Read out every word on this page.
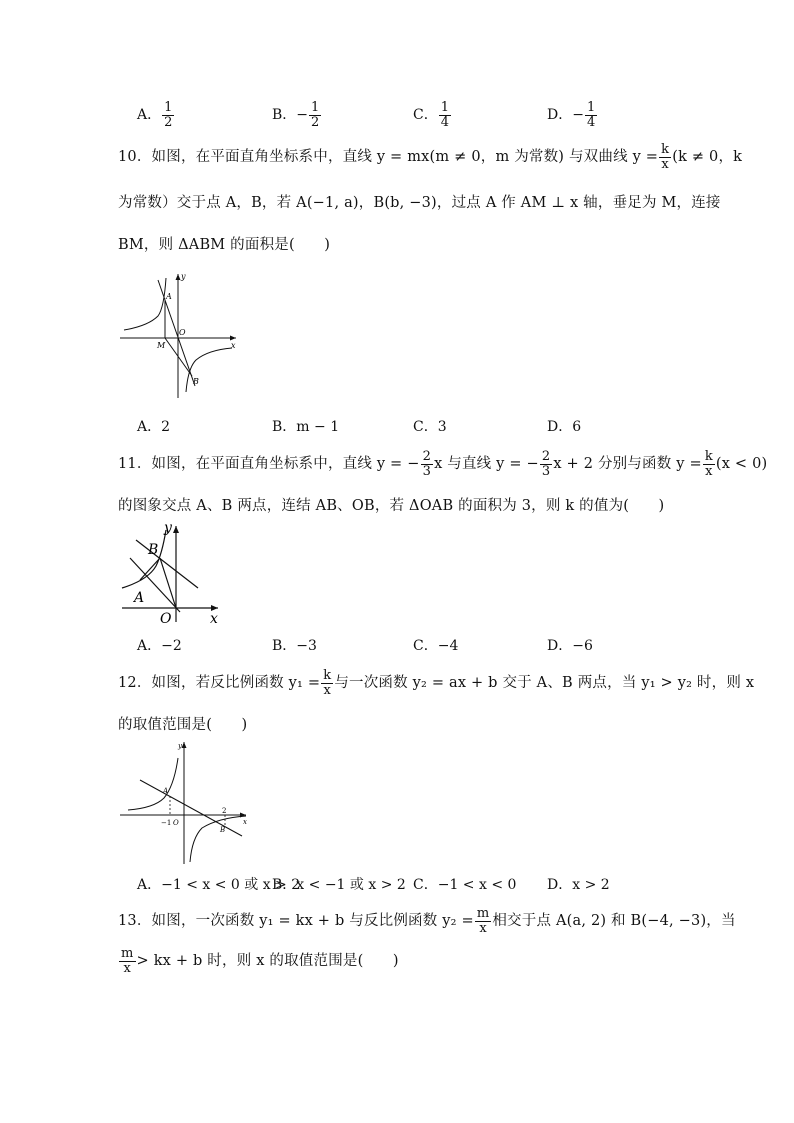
A． $\frac{1}{2}$	B．− $\frac{1}{2}$	C． $\frac{1}{4}$	D．− $\frac{1}{4}$
10．如图，在平面直角坐标系中，直线 y = mx(m ≠ 0，m 为常数) 与双曲线 $y = \frac{k}{x} (k \ne 0$，k
为常数）交于点 A，B，若 A(−1, a)，B(b, −3)，过点 A 作 AM ⊥ x 轴，垂足为 M，连接
BM，则 ΔABM 的面积是(　　)
y
x
A
O
M
B
A．2	B．m − 1	C．3	D．6
11．如图，在平面直角坐标系中，直线 y = − $\frac{2}{3}$ x 与直线 y = − $\frac{2}{3}$ x + 2 分别与函数 $y = \frac{k}{x} (x < 0)$
的图象交点 A、B 两点，连结 AB、OB，若 ΔOAB 的面积为 3，则 k 的值为(　　)
y
x
B
A
O
A．−2	B．−3	C．−4	D．−6
12．如图，若反比例函数 $y_1 = \frac{k}{x}$ 与一次函数 y₂ = ax + b 交于 A、B 两点，当 y₁ > y₂ 时，则 x
的取值范围是(　　)
y
x
A
−1 O
2
B
A．−1 < x < 0 或 x > 2
B．x < −1 或 x > 2 C．−1 < x < 0 D．x > 2
13．如图，一次函数 y₁ = kx + b 与反比例函数 $y_2 = \frac{m}{x}$ 相交于点 A(a, 2) 和 B(−4, −3)，当
$\frac{m}{x}$ > kx + b 时，则 x 的取值范围是(　　)
